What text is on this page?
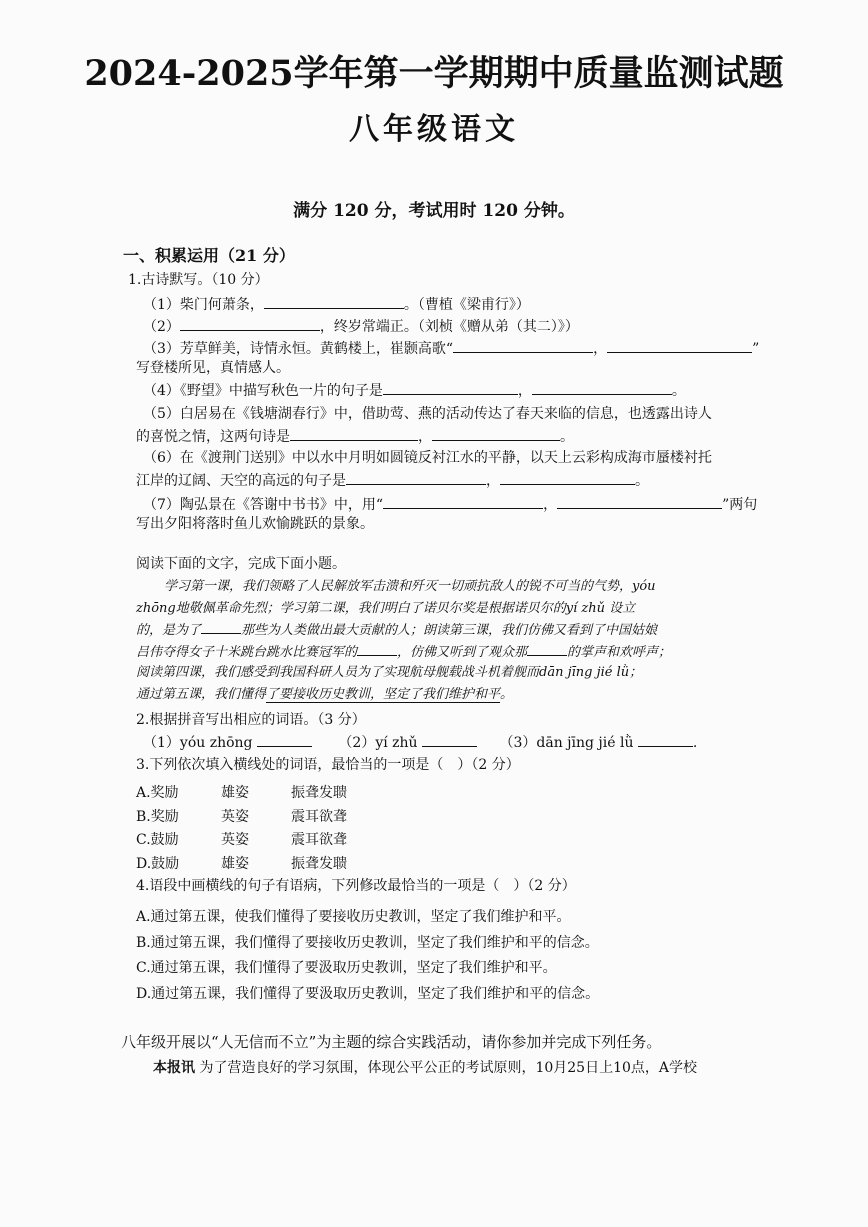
2024-2025学年第一学期期中质量监测试题
八年级语文
满分 120 分，考试用时 120 分钟。
一、积累运用（21 分）
1.古诗默写。（10 分）
（1）柴门何萧条，	。（曹植《梁甫行》）
（2）	，终岁常端正。（刘桢《赠从弟（其二）》）
（3）芳草鲜美，诗情永恒。黄鹤楼上，崔颢高歌“	，	”
写登楼所见，真情感人。
（4）《野望》中描写秋色一片的句子是	，	。
（5）白居易在《钱塘湖春行》中，借助莺、燕的活动传达了春天来临的信息，也透露出诗人
的喜悦之情，这两句诗是	，	。
（6）在《渡荆门送别》中以水中月明如圆镜反衬江水的平静，以天上云彩构成海市蜃楼衬托
江岸的辽阔、天空的高远的句子是	，	。
（7）陶弘景在《答谢中书书》中，用“	，	”两句
写出夕阳将落时鱼儿欢愉跳跃的景象。
阅读下面的文字，完成下面小题。
学习第一课，我们领略了人民解放军击溃和歼灭一切顽抗敌人的锐不可当的气势，yóu
zhōng地敬佩革命先烈；学习第二课，我们明白了诺贝尔奖是根据诺贝尔的yí zhǔ 设立
的，是为了	那些为人类做出最大贡献的人；朗读第三课，我们仿佛又看到了中国姑娘
吕伟夺得女子十米跳台跳水比赛冠军的	，仿佛又听到了观众那	的掌声和欢呼声；
阅读第四课，我们感受到我国科研人员为了实现航母舰载战斗机着舰而dān jīng jié lǜ；
通过第五课，我们懂得了要接收历史教训，坚定了我们维护和平。
2.根据拼音写出相应的词语。（3 分）
（1）yóu zhōng	（2）yí zhǔ	（3）dān jīng jié lǜ	.
3.下列依次填入横线处的词语，最恰当的一项是（　）（2 分）
A.奖励	雄姿	振聋发聩
B.奖励	英姿	震耳欲聋
C.鼓励	英姿	震耳欲聋
D.鼓励	雄姿	振聋发聩
4.语段中画横线的句子有语病，下列修改最恰当的一项是（　）（2 分）
A.通过第五课，使我们懂得了要接收历史教训，坚定了我们维护和平。
B.通过第五课，我们懂得了要接收历史教训，坚定了我们维护和平的信念。
C.通过第五课，我们懂得了要汲取历史教训，坚定了我们维护和平。
D.通过第五课，我们懂得了要汲取历史教训，坚定了我们维护和平的信念。
八年级开展以“人无信而不立”为主题的综合实践活动，请你参加并完成下列任务。
本报讯 为了营造良好的学习氛围，体现公平公正的考试原则，10月25日上10点，A学校
